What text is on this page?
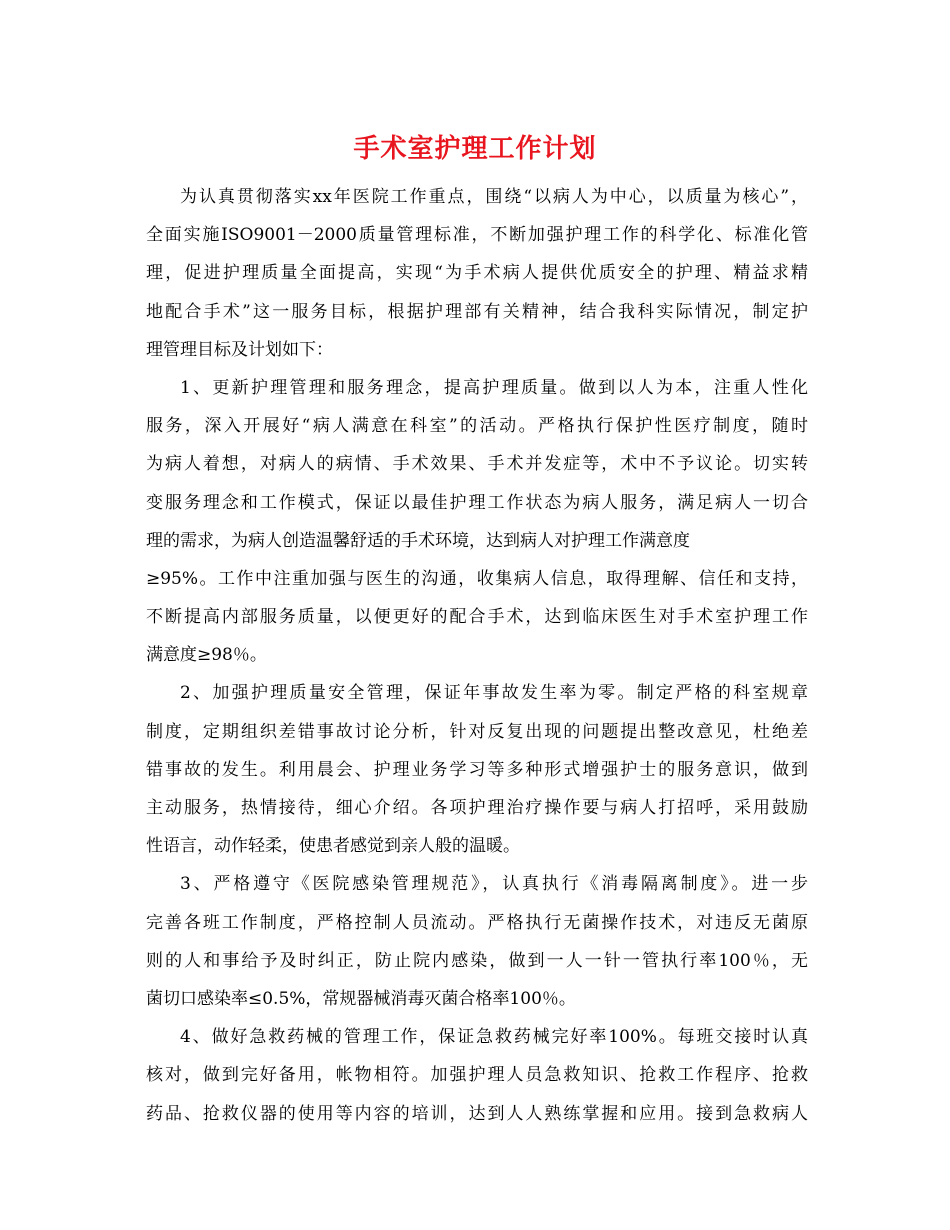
手术室护理工作计划
为认真贯彻落实xx年医院工作重点，围绕“以病人为中心，以质量为核心”，
全面实施ISO9001－2000质量管理标准，不断加强护理工作的科学化、标准化管
理，促进护理质量全面提高，实现“为手术病人提供优质安全的护理、精益求精
地配合手术”这一服务目标，根据护理部有关精神，结合我科实际情况，制定护
理管理目标及计划如下：
1、更新护理管理和服务理念，提高护理质量。做到以人为本，注重人性化
服务，深入开展好“病人满意在科室”的活动。严格执行保护性医疗制度，随时
为病人着想，对病人的病情、手术效果、手术并发症等，术中不予议论。切实转
变服务理念和工作模式，保证以最佳护理工作状态为病人服务，满足病人一切合
理的需求，为病人创造温馨舒适的手术环境，达到病人对护理工作满意度
≥95%。工作中注重加强与医生的沟通，收集病人信息，取得理解、信任和支持，
不断提高内部服务质量，以便更好的配合手术，达到临床医生对手术室护理工作
满意度≥98％。
2、加强护理质量安全管理，保证年事故发生率为零。制定严格的科室规章
制度，定期组织差错事故讨论分析，针对反复出现的问题提出整改意见，杜绝差
错事故的发生。利用晨会、护理业务学习等多种形式增强护士的服务意识，做到
主动服务，热情接待，细心介绍。各项护理治疗操作要与病人打招呼，采用鼓励
性语言，动作轻柔，使患者感觉到亲人般的温暖。
3、严格遵守《医院感染管理规范》，认真执行《消毒隔离制度》。进一步
完善各班工作制度，严格控制人员流动。严格执行无菌操作技术，对违反无菌原
则的人和事给予及时纠正，防止院内感染，做到一人一针一管执行率100％，无
菌切口感染率≤0.5%，常规器械消毒灭菌合格率100％。
4、做好急救药械的管理工作，保证急救药械完好率100%。每班交接时认真
核对，做到完好备用，帐物相符。加强护理人员急救知识、抢救工作程序、抢救
药品、抢救仪器的使用等内容的培训，达到人人熟练掌握和应用。接到急救病人
